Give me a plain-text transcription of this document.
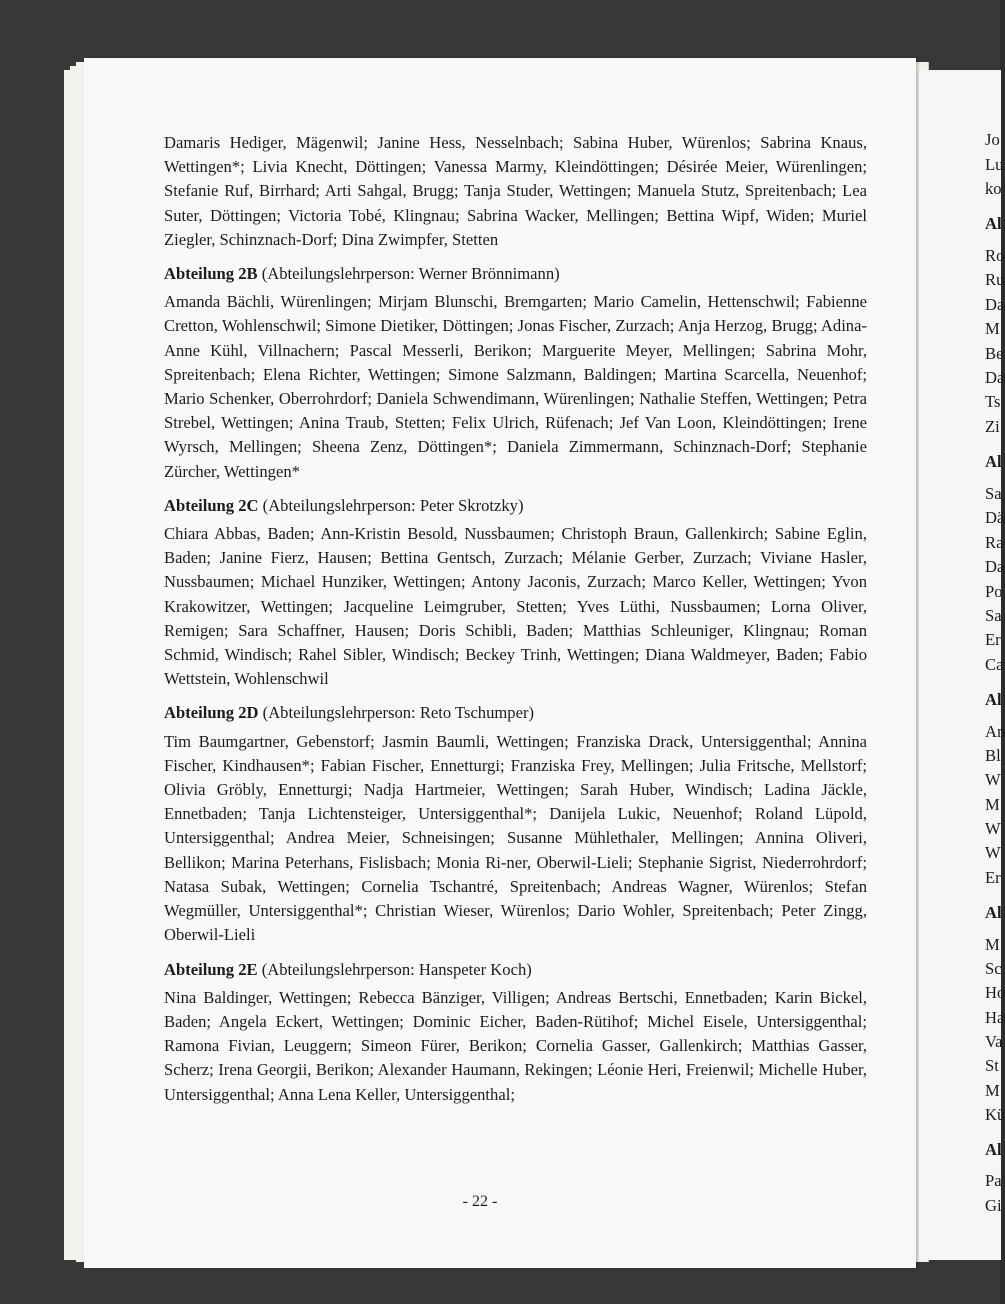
Damaris Hediger, Mägenwil; Janine Hess, Nesselnbach; Sabina Huber, Würenlos; Sabrina Knaus, Wettingen*; Livia Knecht, Döttingen; Vanessa Marmy, Kleindöttingen; Désirée Meier, Würenlingen; Stefanie Ruf, Birrhard; Arti Sahgal, Brugg; Tanja Studer, Wettingen; Manuela Stutz, Spreitenbach; Lea Suter, Döttingen; Victoria Tobé, Klingnau; Sabrina Wacker, Mellingen; Bettina Wipf, Widen; Muriel Ziegler, Schinznach-Dorf; Dina Zwimpfer, Stetten

Abteilung 2B (Abteilungslehrperson: Werner Brönnimann)

Amanda Bächli, Würenlingen; Mirjam Blunschi, Bremgarten; Mario Camelin, Hettenschwil; Fabienne Cretton, Wohlenschwil; Simone Dietiker, Döttingen; Jonas Fischer, Zurzach; Anja Herzog, Brugg; Adina-Anne Kühl, Villnachern; Pascal Messerli, Berikon; Marguerite Meyer, Mellingen; Sabrina Mohr, Spreitenbach; Elena Richter, Wettingen; Simone Salzmann, Baldingen; Martina Scarcella, Neuenhof; Mario Schenker, Oberrohrdorf; Daniela Schwendimann, Würenlingen; Nathalie Steffen, Wettingen; Petra Strebel, Wettingen; Anina Traub, Stetten; Felix Ulrich, Rüfenach; Jef Van Loon, Kleindöttingen; Irene Wyrsch, Mellingen; Sheena Zenz, Döttingen*; Daniela Zimmermann, Schinznach-Dorf; Stephanie Zürcher, Wettingen*

Abteilung 2C (Abteilungslehrperson: Peter Skrotzky)

Chiara Abbas, Baden; Ann-Kristin Besold, Nussbaumen; Christoph Braun, Gallenkirch; Sabine Eglin, Baden; Janine Fierz, Hausen; Bettina Gentsch, Zurzach; Mélanie Gerber, Zurzach; Viviane Hasler, Nussbaumen; Michael Hunziker, Wettingen; Antony Jaconis, Zurzach; Marco Keller, Wettingen; Yvon Krakowitzer, Wettingen; Jacqueline Leimgruber, Stetten; Yves Lüthi, Nussbaumen; Lorna Oliver, Remigen; Sara Schaffner, Hausen; Doris Schibli, Baden; Matthias Schleuniger, Klingnau; Roman Schmid, Windisch; Rahel Sibler, Windisch; Beckey Trinh, Wettingen; Diana Waldmeyer, Baden; Fabio Wettstein, Wohlenschwil

Abteilung 2D (Abteilungslehrperson: Reto Tschumper)

Tim Baumgartner, Gebenstorf; Jasmin Baumli, Wettingen; Franziska Drack, Untersiggenthal; Annina Fischer, Kindhausen*; Fabian Fischer, Ennetturgi; Franziska Frey, Mellingen; Julia Fritsche, Mellstorf; Olivia Gröbly, Ennetturgi; Nadja Hartmeier, Wettingen; Sarah Huber, Windisch; Ladina Jäckle, Ennetbaden; Tanja Lichtensteiger, Untersiggenthal*; Danijela Lukic, Neuenhof; Roland Lüpold, Untersiggenthal; Andrea Meier, Schneisingen; Susanne Mühlethaler, Mellingen; Annina Oliveri, Bellikon; Marina Peterhans, Fislisbach; Monia Ri-ner, Oberwil-Lieli; Stephanie Sigrist, Niederrohrdorf; Natasa Subak, Wettingen; Cornelia Tschantré, Spreitenbach; Andreas Wagner, Würenlos; Stefan Wegmüller, Untersiggenthal*; Christian Wieser, Würenlos; Dario Wohler, Spreitenbach; Peter Zingg, Oberwil-Lieli

Abteilung 2E (Abteilungslehrperson: Hanspeter Koch)

Nina Baldinger, Wettingen; Rebecca Bänziger, Villigen; Andreas Bertschi, Ennetbaden; Karin Bickel, Baden; Angela Eckert, Wettingen; Dominic Eicher, Baden-Rütihof; Michel Eisele, Untersiggenthal; Ramona Fivian, Leuggern; Simeon Fürer, Berikon; Cornelia Gasser, Gallenkirch; Matthias Gasser, Scherz; Irena Georgii, Berikon; Alexander Haumann, Rekingen; Léonie Heri, Freienwil; Michelle Huber, Untersiggenthal; Anna Lena Keller, Untersiggenthal;

- 22 -
Jo
Lu
ko
Al
Ro
Ru
Da
M
Be
Da
Ts
Zi
Al
Sa
Dä
Ra
Da
Po
Sa
Er
Ca
Al
An
Bl
W
M
W
W
Er
Al
M
Sc
Ho
Ha
Va
St
M
Kü
Al
Pa
Gi
